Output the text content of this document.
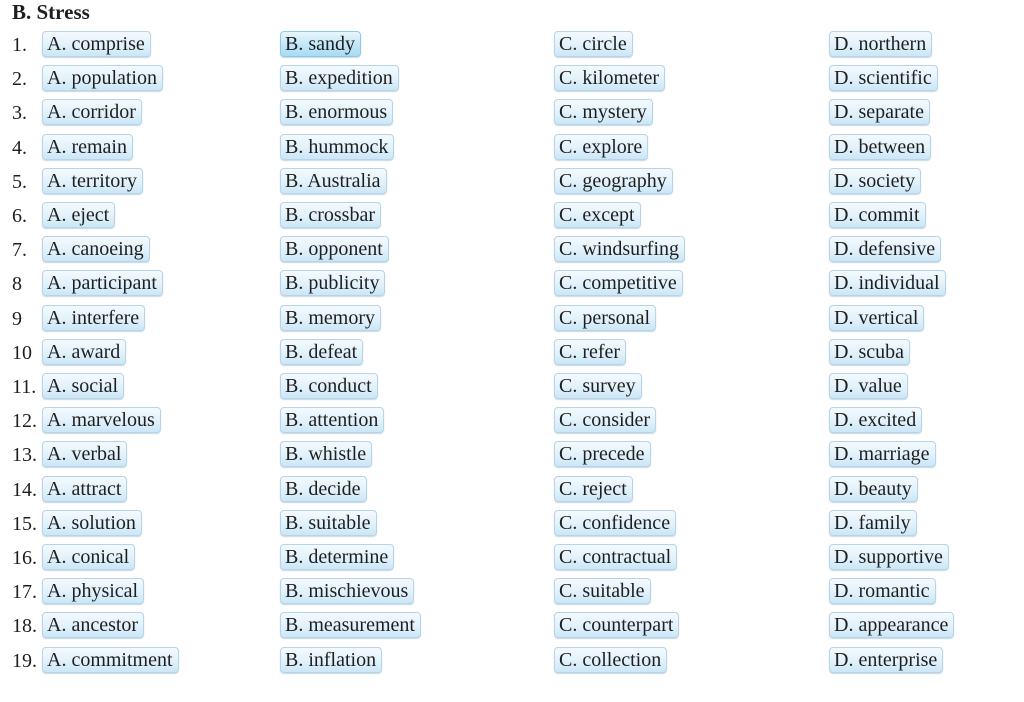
B. Stress
1. A. comprise	B. sandy	C. circle	D. northern
2. A. population	B. expedition	C. kilometer	D. scientific
3. A. corridor	B. enormous	C. mystery	D. separate
4. A. remain	B. hummock	C. explore	D. between
5. A. territory	B. Australia	C. geography	D. society
6. A. eject	B. crossbar	C. except	D. commit
7. A. canoeing	B. opponent	C. windsurfing	D. defensive
8 A. participant	B. publicity	C. competitive	D. individual
9 A. interfere	B. memory	C. personal	D. vertical
10 A. award	B. defeat	C. refer	D. scuba
11. A. social	B. conduct	C. survey	D. value
12. A. marvelous	B. attention	C. consider	D. excited
13. A. verbal	B. whistle	C. precede	D. marriage
14. A. attract	B. decide	C. reject	D. beauty
15. A. solution	B. suitable	C. confidence	D. family
16. A. conical	B. determine	C. contractual	D. supportive
17. A. physical	B. mischievous	C. suitable	D. romantic
18. A. ancestor	B. measurement	C. counterpart	D. appearance
19. A. commitment	B. inflation	C. collection	D. enterprise
